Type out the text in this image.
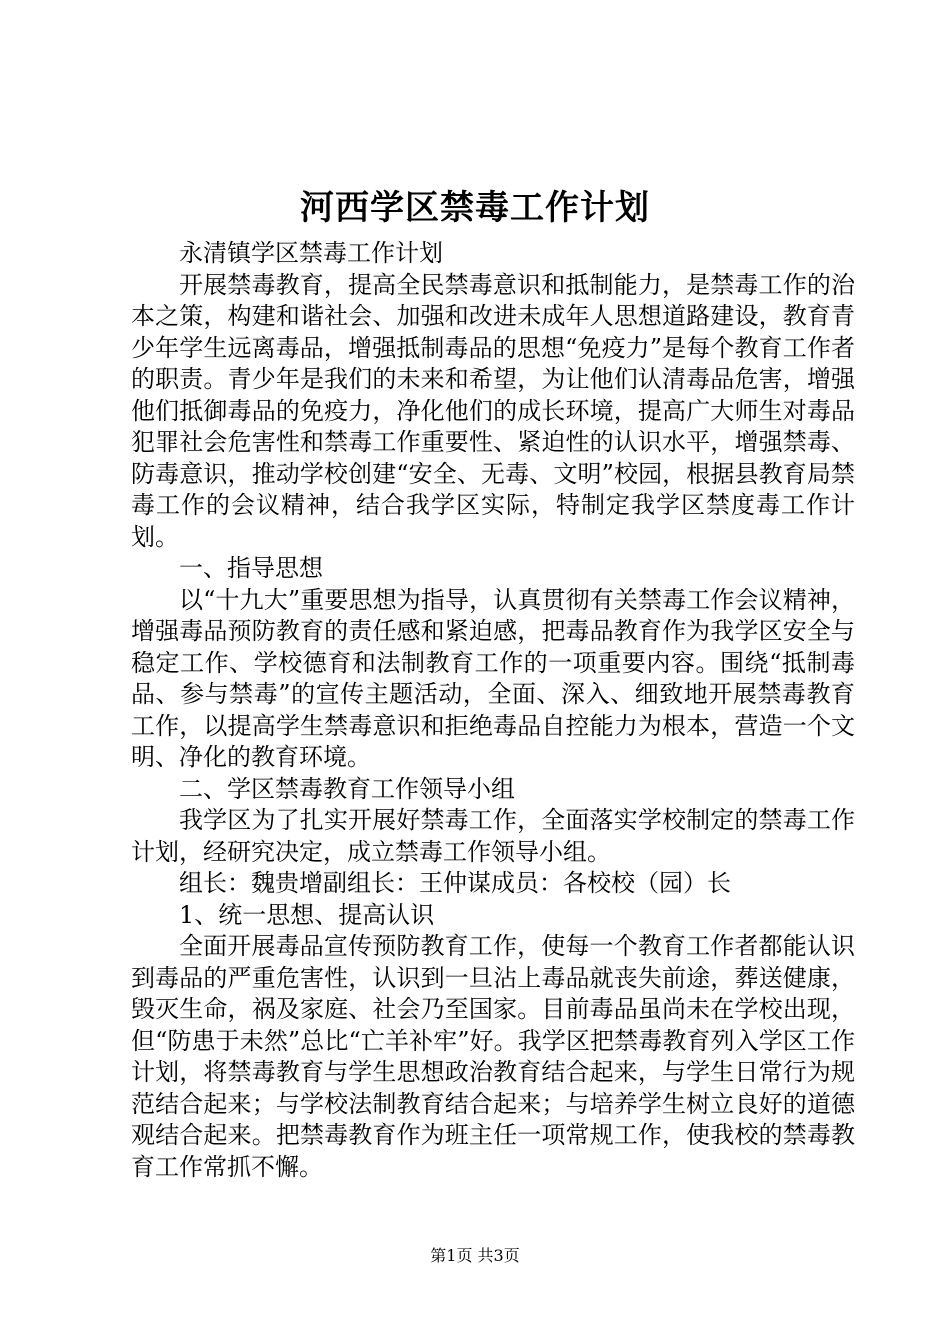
河西学区禁毒工作计划

永清镇学区禁毒工作计划

开展禁毒教育，提高全民禁毒意识和抵制能力，是禁毒工作的治本之策，构建和谐社会、加强和改进未成年人思想道路建设，教育青少年学生远离毒品，增强抵制毒品的思想“免疫力”是每个教育工作者的职责。青少年是我们的未来和希望，为让他们认清毒品危害，增强他们抵御毒品的免疫力，净化他们的成长环境，提高广大师生对毒品犯罪社会危害性和禁毒工作重要性、紧迫性的认识水平，增强禁毒、防毒意识，推动学校创建“安全、无毒、文明”校园，根据县教育局禁毒工作的会议精神，结合我学区实际，特制定我学区禁度毒工作计划。

一、指导思想

以“十九大”重要思想为指导，认真贯彻有关禁毒工作会议精神，增强毒品预防教育的责任感和紧迫感，把毒品教育作为我学区安全与稳定工作、学校德育和法制教育工作的一项重要内容。围绕“抵制毒品、参与禁毒”的宣传主题活动，全面、深入、细致地开展禁毒教育工作，以提高学生禁毒意识和拒绝毒品自控能力为根本，营造一个文明、净化的教育环境。

二、学区禁毒教育工作领导小组

我学区为了扎实开展好禁毒工作，全面落实学校制定的禁毒工作计划，经研究决定，成立禁毒工作领导小组。

组长：魏贵增副组长：王仲谋成员：各校校（园）长

1、统一思想、提高认识

全面开展毒品宣传预防教育工作，使每一个教育工作者都能认识到毒品的严重危害性，认识到一旦沾上毒品就丧失前途，葬送健康，毁灭生命，祸及家庭、社会乃至国家。目前毒品虽尚未在学校出现，但“防患于未然”总比“亡羊补牢”好。我学区把禁毒教育列入学区工作计划，将禁毒教育与学生思想政治教育结合起来，与学生日常行为规范结合起来；与学校法制教育结合起来；与培养学生树立良好的道德观结合起来。把禁毒教育作为班主任一项常规工作，使我校的禁毒教育工作常抓不懈。

第1页 共3页
